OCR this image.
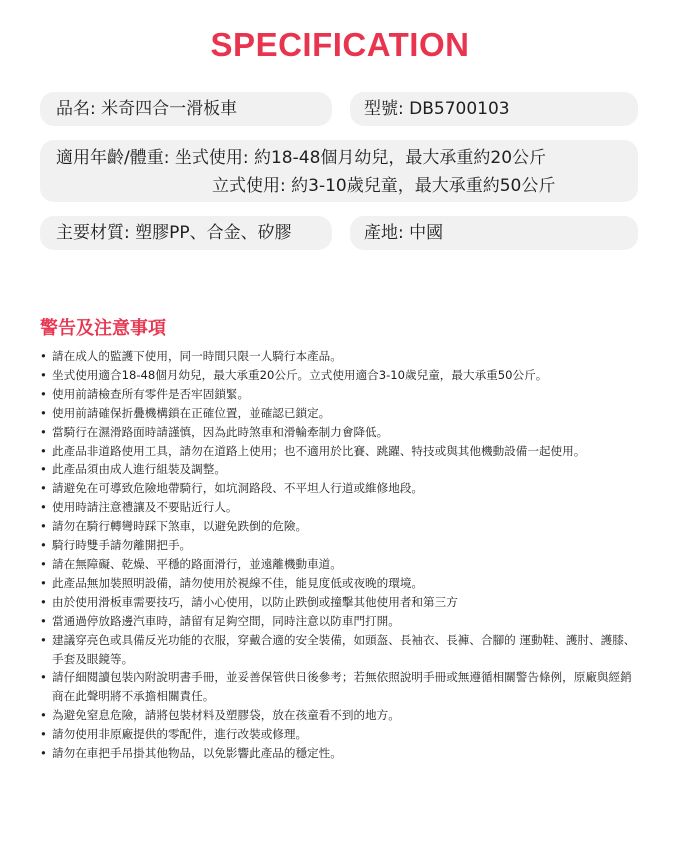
SPECIFICATION
品名: 米奇四合一滑板車	型號: DB5700103
適用年齡/體重: 坐式使用: 約18-48個月幼兒，最大承重約20公斤
立式使用: 約3-10歲兒童，最大承重約50公斤
主要材質: 塑膠PP、合金、矽膠	產地: 中國
警告及注意事項
• 請在成人的監護下使用，同一時間只限一人騎行本產品。
• 坐式使用適合18-48個月幼兒，最大承重20公斤。立式使用適合3-10歲兒童，最大承重50公斤。
• 使用前請檢查所有零件是否牢固鎖緊。
• 使用前請確保折疊機構鎖在正確位置，並確認已鎖定。
• 當騎行在濕滑路面時請謹慎，因為此時煞車和滑輪牽制力會降低。
• 此產品非道路使用工具，請勿在道路上使用；也不適用於比賽、跳躍、特技或與其他機動設備一起使用。
• 此產品須由成人進行組裝及調整。
• 請避免在可導致危險地帶騎行，如坑洞路段、不平坦人行道或維修地段。
• 使用時請注意禮讓及不要貼近行人。
• 請勿在騎行轉彎時踩下煞車，以避免跌倒的危險。
• 騎行時雙手請勿離開把手。
• 請在無障礙、乾燥、平穩的路面滑行，並遠離機動車道。
• 此產品無加裝照明設備，請勿使用於視線不佳，能見度低或夜晚的環境。
• 由於使用滑板車需要技巧，請小心使用，以防止跌倒或撞擊其他使用者和第三方
• 當通過停放路邊汽車時，請留有足夠空間，同時注意以防車門打開。
• 建議穿亮色或具備反光功能的衣服，穿戴合適的安全裝備，如頭盔、長袖衣、長褲、合腳的 運動鞋、護肘、護膝、手套及眼鏡等。
• 請仔細閱讀包裝內附說明書手冊，並妥善保管供日後參考；若無依照說明手冊或無遵循相關警告條例，原廠與經銷商在此聲明將不承擔相關責任。
• 為避免窒息危險，請將包裝材料及塑膠袋，放在孩童看不到的地方。
• 請勿使用非原廠提供的零配件，進行改裝或修理。
• 請勿在車把手吊掛其他物品，以免影響此產品的穩定性。
